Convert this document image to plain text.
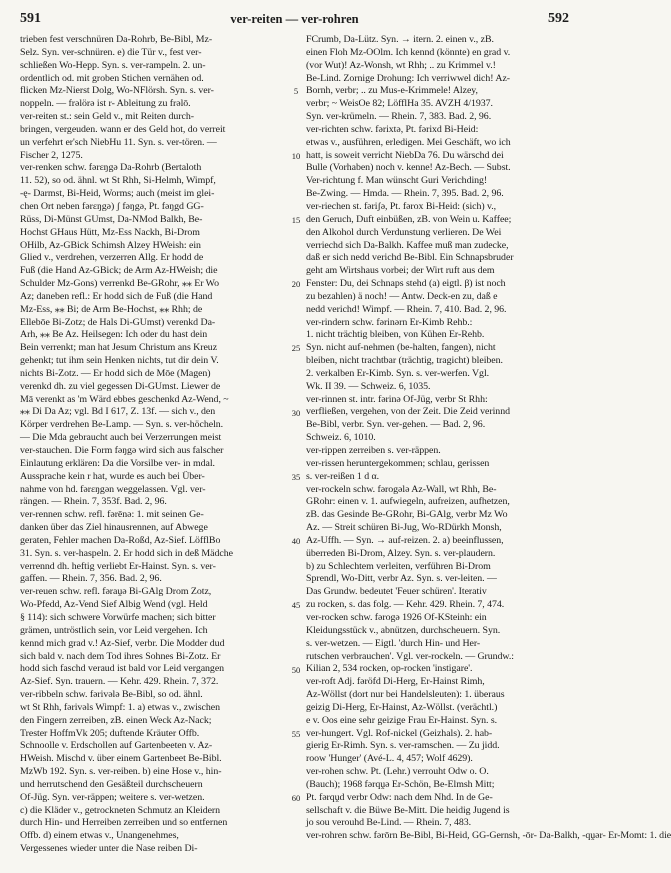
591	ver-reiten — ver-rohren	592
trieben fest verschnüren Da-Rohrb, Be-Bibl, Mz-
Selz. Syn. ver-schnüren. e) die Tür v., fest ver-
schließen Wo-Hepp. Syn. s. ver-rampeln. 2. un-
ordentlich od. mit groben Stichen vernähen od.
flicken Mz-Nierst Dolg, Wo-NFlörsh. Syn. s. ver-
noppeln. — frəlörə ist r- Ableitung zu frəlō.
ver-reiten st.: sein Geld v., mit Reiten durch-
bringen, vergeuden. wann er des Geld hot, do verreit
un verfehrt er'sch NiebHu 11. Syn. s. ver-tören. —
Fischer 2, 1275.
ver-renken schw. fərεŋgə Da-Rohrb (Bertaloth
11. 52), so od. ähnl. wt St Rhh, Si-Helmh, Wimpf,
-ę- Darmst, Bi-Heid, Worms; auch (meist im glei-
chen Ort neben fərεŋgə) ʃ fəŋgə, Pt. fəŋgd GG-
Rüss, Di-Münst GUmst, Da-NMod Balkh, Be-
Hochst GHaus Hütt, Mz-Ess Nackh, Bi-Drom
OHilb, Az-GBick Schimsh Alzey HWeish: ein
Glied v., verdrehen, verzerren Allg. Er hodd de
Fuß (die Hand Az-GBick; de Arm Az-HWeish; die
Schulder Mz-Gons) verrenkd Be-GRohr, ⁎⁎ Er Wo
Az; daneben refl.: Er hodd sich de Fuß (die Hand
Mz-Ess, ⁎⁎ Bi; de Arm Be-Hochst, ⁎⁎ Rhh; de
Ellebōe Bi-Zotz; de Hals Di-GUmst) verenkd Da-
Arh, ⁎⁎ Be Az. Heilsegen: Ich oder du hast dein
Bein verrenkt; man hat Jesum Christum ans Kreuz
gehenkt; tut ihm sein Henken nichts, tut dir dein V.
nichts Bi-Zotz. — Er hodd sich de Mōe (Magen)
verenkd dh. zu viel gegessen Di-GUmst. Liewer de
Mā verenkt as 'm Wärd ebbes geschenkd Az-Wend, ~
⁎⁎ Di Da Az; vgl. Bd I 617, Z. 13f. — sich v., den
Körper verdrehen Be-Lamp. — Syn. s. ver-höcheln.
— Die Mda gebraucht auch bei Verzerrungen meist
ver-stauchen. Die Form fəŋgə wird sich aus falscher
Einlautung erklären: Da die Vorsilbe ver- in mdal.
Aussprache kein r hat, wurde es auch bei Über-
nahme von hd. fərεŋgən weggelassen. Vgl. ver-
rängen. — Rhein. 7, 353f. Bad. 2, 96.
ver-rennen schw. refl. fərēnə: 1. mit seinen Ge-
danken über das Ziel hinausrennen, auf Abwege
geraten, Fehler machen Da-Roßd, Az-Sief. LöfflBo
31. Syn. s. ver-haspeln. 2. Er hodd sich in deß Mädche
verrennd dh. heftig verliebt Er-Hainst. Syn. s. ver-
gaffen. — Rhein. 7, 356. Bad. 2, 96.
ver-reuen schw. refl. fəraṷə Bi-GAlg Drom Zotz,
Wo-Pfedd, Az-Vend Sief Albig Wend (vgl. Held
§ 114): sich schwere Vorwürfe machen; sich bitter
grämen, untröstlich sein, vor Leid vergehen. Ich
kennd mich grad v.! Az-Sief, verbr. Die Modder dud
sich bald v. nach dem Tod ihres Sohnes Bi-Zotz. Er
hodd sich faschd veraud ist bald vor Leid vergangen
Az-Sief. Syn. trauern. — Kehr. 429. Rhein. 7, 372.
ver-ribbeln schw. fərivələ Be-Bibl, so od. ähnl.
wt St Rhh, fərivəls Wimpf: 1. a) etwas v., zwischen
den Fingern zerreiben, zB. einen Weck Az-Nack;
Trester HoffmVk 205; duftende Kräuter Offb.
Schnoolle v. Erdschollen auf Gartenbeeten v. Az-
HWeish. Mischd v. über einem Gartenbeet Be-Bibl.
MzWb 192. Syn. s. ver-reiben. b) eine Hose v., hin-
und herrutschend den Gesäßteil durchscheuern
Of-Jüg. Syn. ver-räppen; weitere s. ver-wetzen.
c) die Kläder v., getrockneten Schmutz an Kleidern
durch Hin- und Herreiben zerreiben und so entfernen
Offb. d) einem etwas v., Unangenehmes,
Vergessenes wieder unter die Nase reiben Di-
5
10
15
20
25
30
35
40
45
50
55
60
FCrumb, Da-Lütz. Syn. → itern. 2. einen v., zB.
einen Floh Mz-OOlm. Ich kennd (könnte) en grad v.
(vor Wut)! Az-Wonsh, wt Rhh; .. zu Krimmel v.!
Be-Lind. Zornige Drohung: Ich verriwwel dich! Az-
Bornh, verbr; .. zu Mus-e-Krimmele! Alzey,
verbr; ~ WeisOe 82; LöfflHa 35. AVZH 4/1937.
Syn. ver-krümeln. — Rhein. 7, 383. Bad. 2, 96.
ver-richten schw. fərixtə, Pt. fərixd Bi-Heid:
etwas v., ausführen, erledigen. Mei Geschäft, wo ich
hatt, is soweit verricht NiebDa 76. Du wärschd dei
Bulle (Vorhaben) noch v. kenne! Az-Bech. — Subst.
Ver-richtung f. Man wünscht Guri Verichding!
Be-Zwing. — Hmda. — Rhein. 7, 395. Bad. 2, 96.
ver-riechen st. fəriʃə, Pt. fərox Bi-Heid: (sich) v.,
den Geruch, Duft einbüßen, zB. von Wein u. Kaffee;
den Alkohol durch Verdunstung verlieren. De Wei
verriechd sich Da-Balkh. Kaffee muß man zudecke,
daß er sich nedd verichd Be-Bibl. Ein Schnapsbruder
geht am Wirtshaus vorbei; der Wirt ruft aus dem
Fenster: Du, dei Schnaps stehd (a) eigtl. β) ist noch
zu bezahlen) ä noch! — Antw. Deck-en zu, daß e
nedd verichd! Wimpf. — Rhein. 7, 410. Bad. 2, 96.
ver-rindern schw. fərinərn Er-Kimb Rehb.:
1. nicht trächtig bleiben, von Kühen Er-Rehb.
Syn. nicht auf-nehmen (be-halten, fangen), nicht
bleiben, nicht trachtbar (trächtig, tragicht) bleiben.
2. verkalben Er-Kimb. Syn. s. ver-werfen. Vgl.
Wk. II 39. — Schweiz. 6, 1035.
ver-rinnen st. intr. fərinə Of-Jüg, verbr St Rhh:
verfließen, vergehen, von der Zeit. Die Zeid verinnd
Be-Bibl, verbr. Syn. ver-gehen. — Bad. 2, 96.
Schweiz. 6, 1010.
ver-rippen zerreiben s. ver-räppen.
ver-rissen heruntergekommen; schlau, gerissen
s. ver-reißen 1 d α.
ver-rockeln schw. fərogələ Az-Wall, wt Rhh, Be-
GRohr: einen v. 1. aufwiegeln, aufreizen, aufhetzen,
zB. das Gesinde Be-GRohr, Bi-GAlg, verbr Mz Wo
Az. — Streit schüren Bi-Jug, Wo-RDürkh Monsh,
Az-Uffh. — Syn. → auf-reizen. 2. a) beeinflussen,
überreden Bi-Drom, Alzey. Syn. s. ver-plaudern.
b) zu Schlechtem verleiten, verführen Bi-Drom
Sprendl, Wo-Ditt, verbr Az. Syn. s. ver-leiten. —
Das Grundw. bedeutet 'Feuer schüren'. Iterativ
zu rocken, s. das folg. — Kehr. 429. Rhein. 7, 474.
ver-rocken schw. fərogə 1926 Of-KSteinh: ein
Kleidungsstück v., abnützen, durchscheuern. Syn.
s. ver-wetzen. — Eigtl. 'durch Hin- und Her-
rutschen verbrauchen'. Vgl. ver-rockeln. — Grundw.:
Kilian 2, 534 rocken, op-rocken 'instigare'.
ver-roft Adj. fəröfd Di-Herg, Er-Hainst Rimh,
Az-Wöllst (dort nur bei Handelsleuten): 1. überaus
geizig Di-Herg, Er-Hainst, Az-Wöllst. (verächtl.)
e v. Oos eine sehr geizige Frau Er-Hainst. Syn. s.
ver-hungert. Vgl. Rof-nickel (Geizhals). 2. hab-
gierig Er-Rimh. Syn. s. ver-ramschen. — Zu jidd.
roow 'Hunger' (Avé-L. 4, 457; Wolf 4629).
ver-rohen schw. Pt. (Lehr.) verrouht Odw o. O.
(Bauch); 1968 fərqṷə Er-Schön, Be-Elmsh Mitt;
Pt. fərqṷd verbr Odw: nach dem Nhd. In de Ge-
sellschaft v. die Büwe Be-Mitt. Die heidig Jugend is
jo sou verouhd Be-Lind. — Rhein. 7, 483.
ver-rohren schw. fərōrn Be-Bibl, Bi-Heid, GG-Gernsh, -ōr- Da-Balkh, -qṷər- Er-Momt: 1. die
